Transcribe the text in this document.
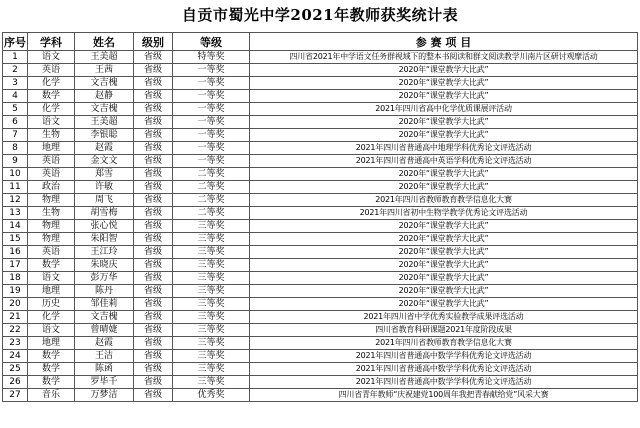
自贡市蜀光中学2021年教师获奖统计表
序号	学科	姓名	级别	等级	参 赛 项 目
1	语文	王美超	省级	特等奖	四川省2021年中学语文任务群视域下的整本书阅读和群文阅读教学川南片区研讨观摩活动
2	英语	王茜	省级	一等奖	2020年“课堂教学大比武”
3	化学	文吉槐	省级	一等奖	2020年“课堂教学大比武”
4	数学	赵静	省级	一等奖	2020年“课堂教学大比武”
5	化学	文吉槐	省级	一等奖	2021年四川省高中化学优质课展评活动
6	语文	王美超	省级	一等奖	2020年“课堂教学大比武”
7	生物	李银聪	省级	一等奖	2020年“课堂教学大比武”
8	地理	赵霞	省级	一等奖	2021年四川省普通高中地理学科优秀论文评选活动
9	英语	金文文	省级	一等奖	2021年四川省普通高中英语学科优秀论文评选活动
10	英语	郑雪	省级	二等奖	2020年“课堂教学大比武”
11	政治	许敏	省级	二等奖	2020年“课堂教学大比武”
12	物理	周飞	省级	二等奖	2021年四川省教师教育教学信息化大赛
13	生物	胡雪梅	省级	二等奖	2021年四川省初中生物学教学优秀论文评选活动
14	物理	张心悦	省级	三等奖	2020年“课堂教学大比武”
15	物理	朱阳智	省级	三等奖	2020年“课堂教学大比武”
16	英语	王江玲	省级	三等奖	2020年“课堂教学大比武”
17	数学	朱晓庆	省级	三等奖	2020年“课堂教学大比武”
18	语文	彭万华	省级	三等奖	2020年“课堂教学大比武”
19	地理	陈丹	省级	三等奖	2020年“课堂教学大比武”
20	历史	邹佳莉	省级	三等奖	2020年“课堂教学大比武”
21	化学	文吉槐	省级	三等奖	2021年四川省中学优秀实验教学成果评选活动
22	语文	曾晴婕	省级	三等奖	四川省教育科研课题2021年度阶段成果
23	地理	赵霞	省级	三等奖	2021年四川省教师教育教学信息化大赛
24	数学	王洁	省级	三等奖	2021年四川省普通高中数学学科优秀论文评选活动
25	数学	陈函	省级	三等奖	2021年四川省普通高中数学学科优秀论文评选活动
26	数学	罗毕千	省级	三等奖	2021年四川省普通高中数学学科优秀论文评选活动
27	音乐	万梦洁	省级	优秀奖	四川省青年教师“庆祝建党100周年我把青春献给党”风采大赛
